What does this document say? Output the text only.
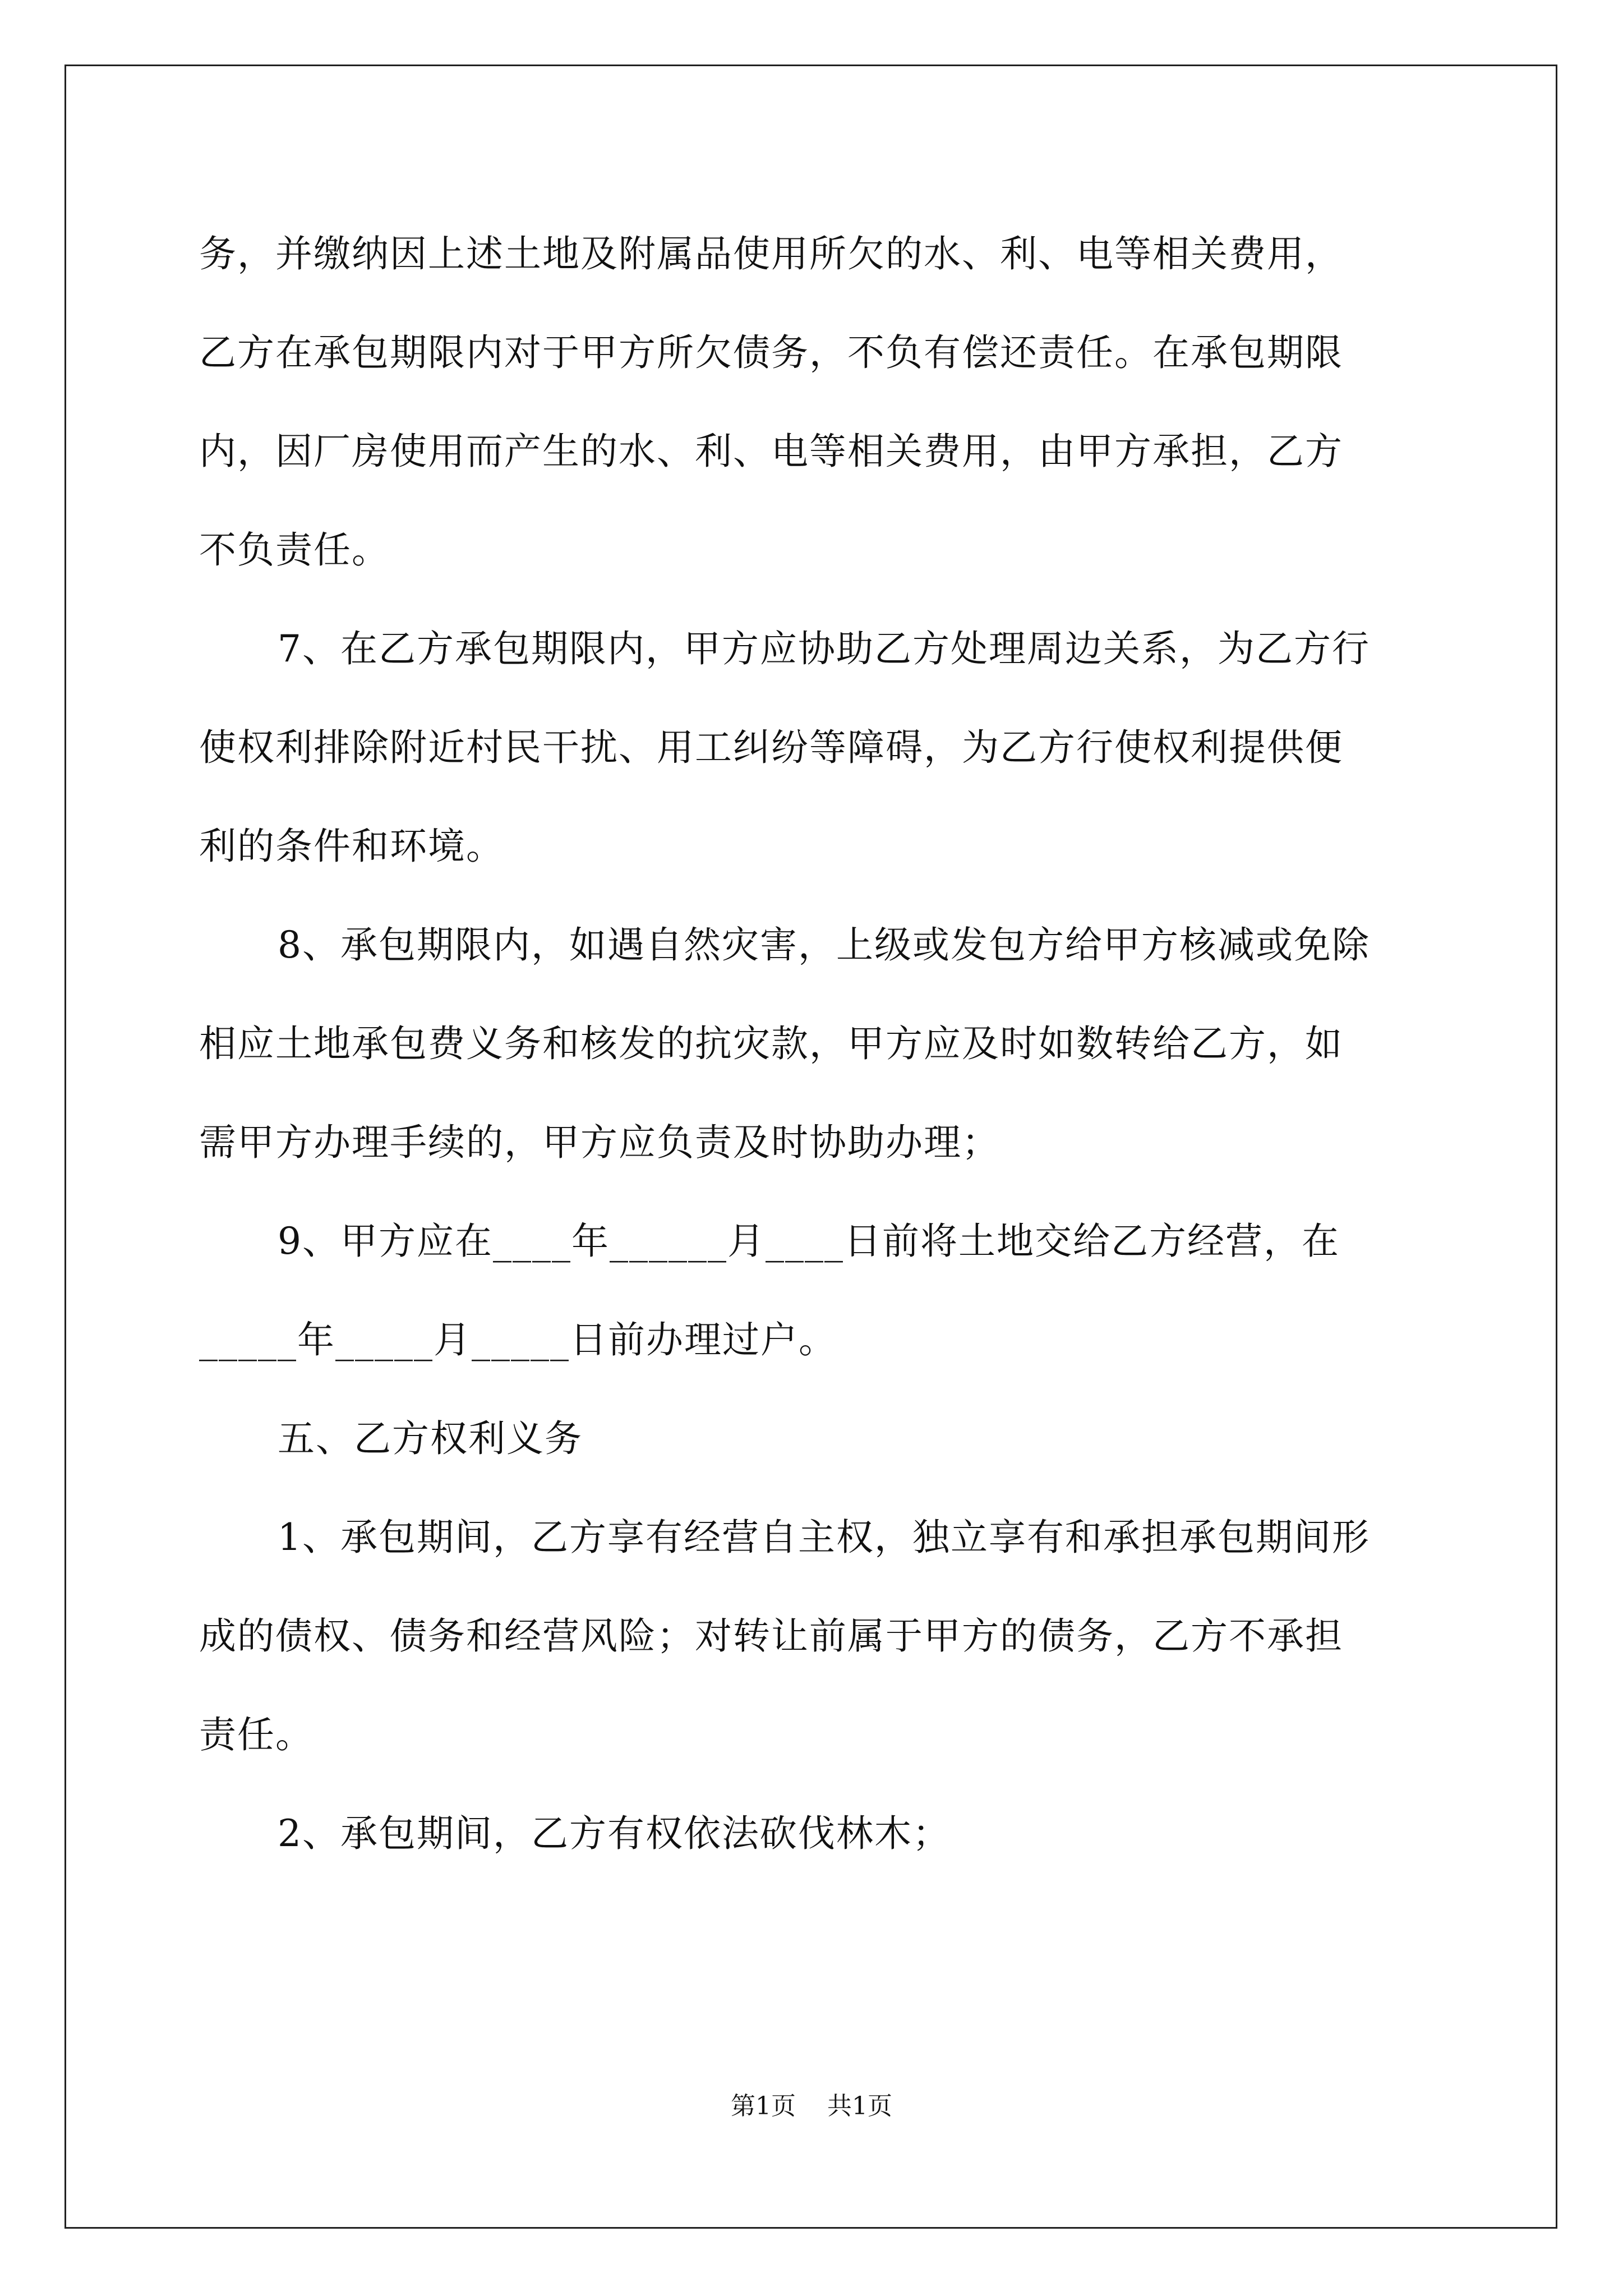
务，并缴纳因上述土地及附属品使用所欠的水、利、电等相关费用，
乙方在承包期限内对于甲方所欠债务，不负有偿还责任。在承包期限
内，因厂房使用而产生的水、利、电等相关费用，由甲方承担，乙方
不负责任。

7、在乙方承包期限内，甲方应协助乙方处理周边关系，为乙方行
使权利排除附近村民干扰、用工纠纷等障碍，为乙方行使权利提供便
利的条件和环境。

8、承包期限内，如遇自然灾害，上级或发包方给甲方核减或免除
相应土地承包费义务和核发的抗灾款，甲方应及时如数转给乙方，如
需甲方办理手续的，甲方应负责及时协助办理；

9、甲方应在____年______月____日前将土地交给乙方经营，在
_____年_____月_____日前办理过户。

五、乙方权利义务

1、承包期间，乙方享有经营自主权，独立享有和承担承包期间形
成的债权、债务和经营风险；对转让前属于甲方的债务，乙方不承担
责任。

2、承包期间，乙方有权依法砍伐林木；

第1页 共1页
